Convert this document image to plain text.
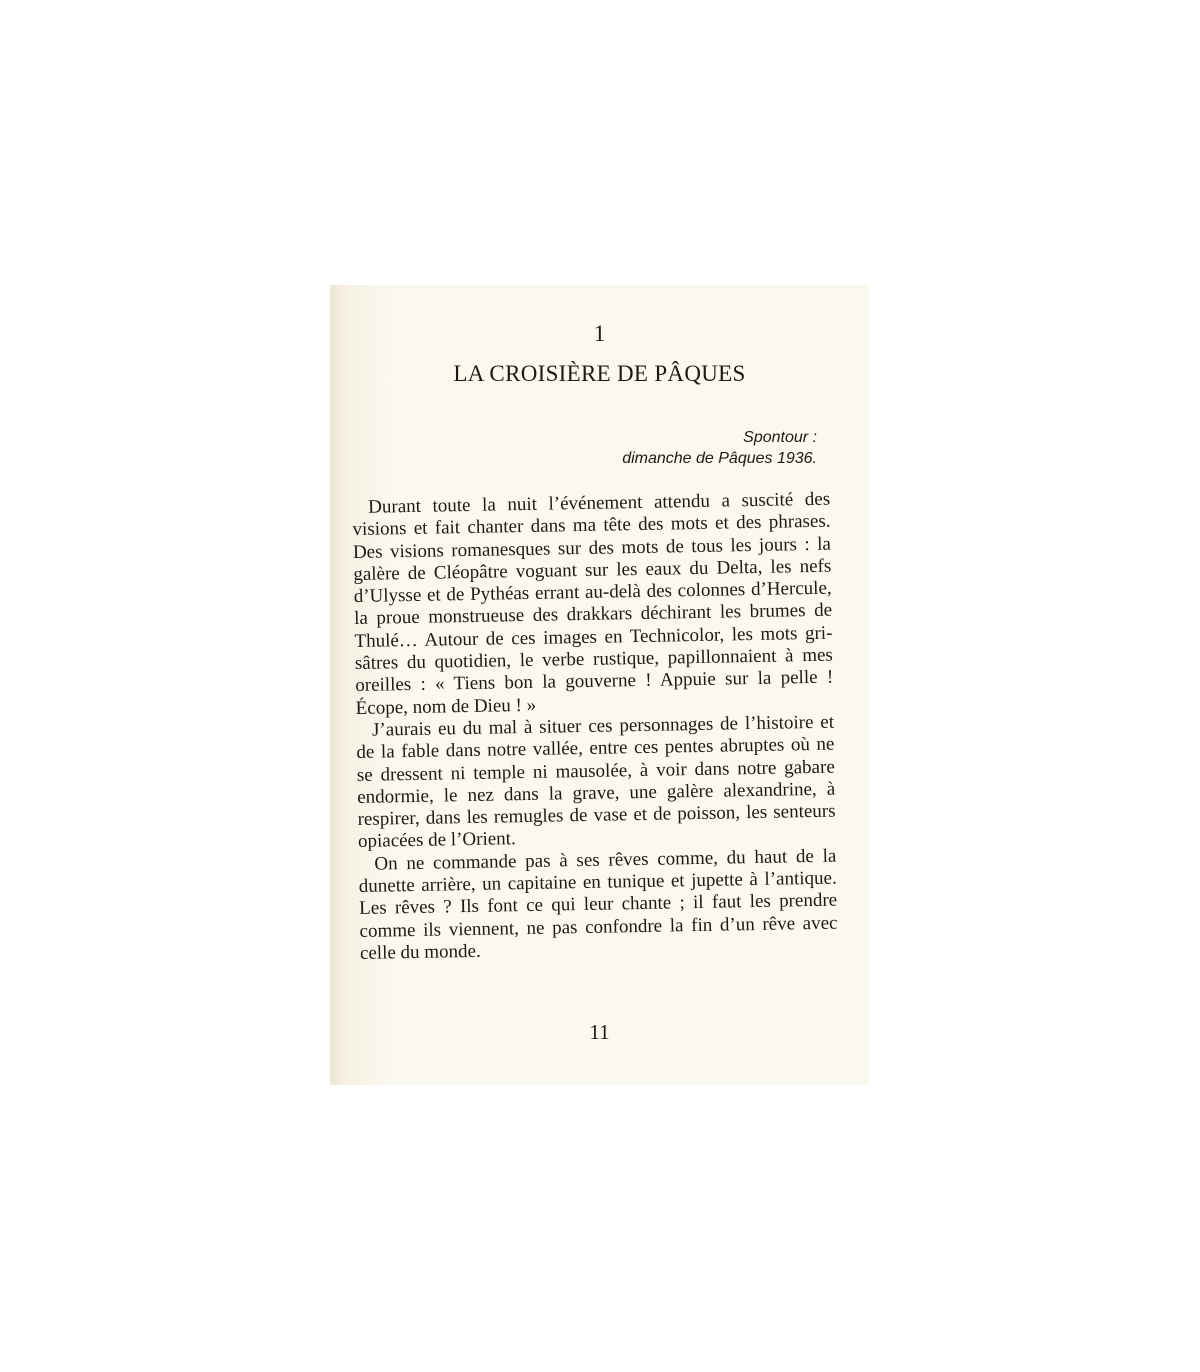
1
LA CROISIÈRE DE PÂQUES
Spontour :
dimanche de Pâques 1936.

Durant toute la nuit l’événement attendu a suscité des visions et fait chanter dans ma tête des mots et des phrases. Des visions romanesques sur des mots de tous les jours : la galère de Cléopâtre voguant sur les eaux du Delta, les nefs d’Ulysse et de Pythéas errant au-delà des colonnes d’Hercule, la proue monstrueuse des drakkars déchirant les brumes de Thulé… Autour de ces images en Technicolor, les mots grisâtres du quotidien, le verbe rustique, papillonnaient à mes oreilles : « Tiens bon la gouverne ! Appuie sur la pelle ! Écope, nom de Dieu ! »

J’aurais eu du mal à situer ces personnages de l’histoire et de la fable dans notre vallée, entre ces pentes abruptes où ne se dressent ni temple ni mausolée, à voir dans notre gabare endormie, le nez dans la grave, une galère alexandrine, à respirer, dans les remugles de vase et de poisson, les senteurs opiacées de l’Orient.

On ne commande pas à ses rêves comme, du haut de la dunette arrière, un capitaine en tunique et jupette à l’antique. Les rêves ? Ils font ce qui leur chante ; il faut les prendre comme ils viennent, ne pas confondre la fin d’un rêve avec celle du monde.

11
